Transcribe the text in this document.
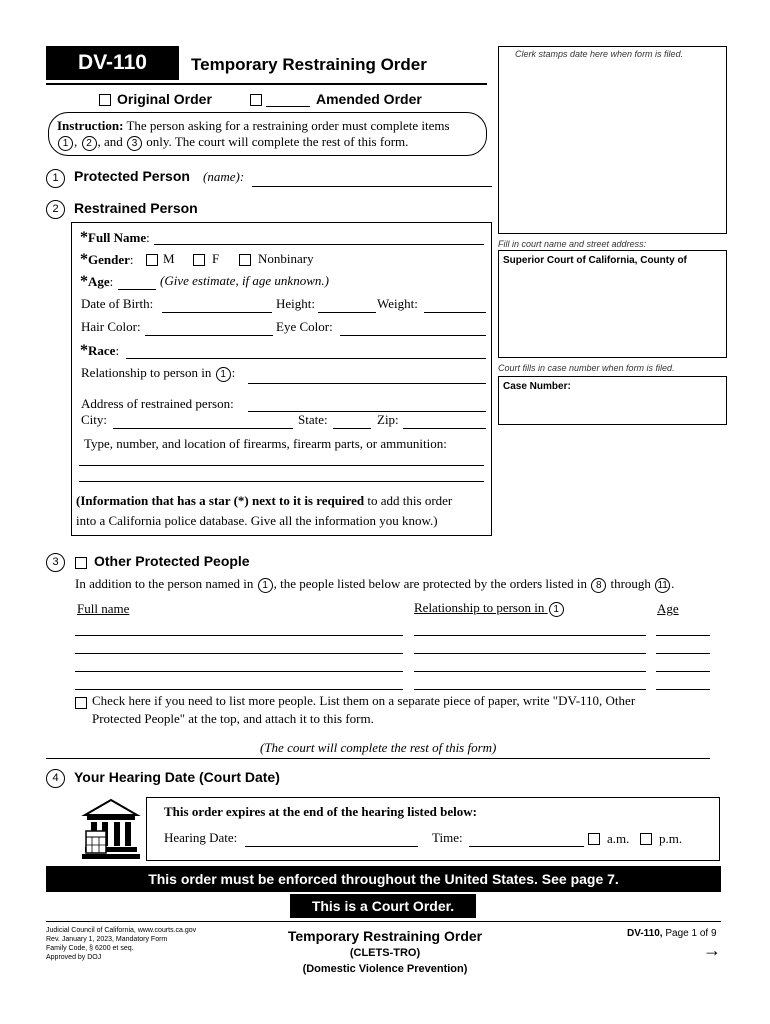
DV-110	Temporary Restraining Order
Original Order	Amended Order
Instruction: The person asking for a restraining order must complete items
1 , 2 , and 3 only. The court will complete the rest of this form.
Clerk stamps date here when form is filed.
Fill in court name and street address:
Superior Court of California, County of
Court fills in case number when form is filed.
Case Number:
1	Protected Person (name):
2	Restrained Person
*Full Name:
*Gender: M	F	Nonbinary
*Age:	(Give estimate, if age unknown.)
Date of Birth:	Height:	Weight:
Hair Color:	Eye Color:
*Race:
Relationship to person in 1 :
Address of restrained person:
City:	State:	Zip:
Type, number, and location of firearms, firearm parts, or ammunition:
(Information that has a star (*) next to it is required to add this order
into a California police database. Give all the information you know.)
3	Other Protected People
In addition to the person named in 1 , the people listed below are protected by the orders listed in 8 through 11 .
Full name	Relationship to person in 1	Age
Check here if you need to list more people. List them on a separate piece of paper, write "DV-110, Other
Protected People" at the top, and attach it to this form.
(The court will complete the rest of this form)
4	Your Hearing Date (Court Date)
This order expires at the end of the hearing listed below:
Hearing Date:	Time:	a.m. p.m.
This order must be enforced throughout the United States. See page 7.
This is a Court Order.
Judicial Council of California, www.courts.ca.gov
Rev. January 1, 2023, Mandatory Form
Family Code, § 6200 et seq.
Approved by DOJ
Temporary Restraining Order
(CLETS-TRO)
(Domestic Violence Prevention)
DV-110, Page 1 of 9
→
